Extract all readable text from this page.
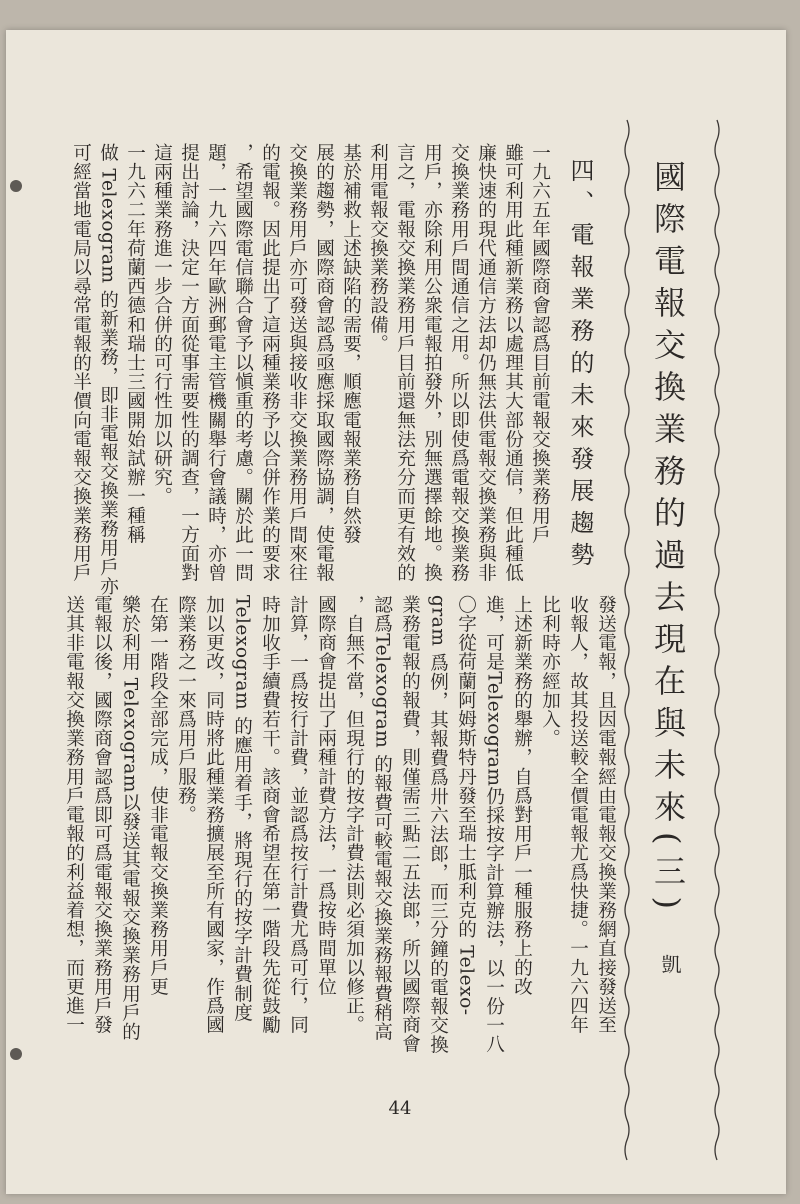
國際電報交換業務的過去現在與未來(三)
凱
四、電報業務的未來發展趨勢
發送電報，且因電報經由電報交換業務網直接發送至
收報人，故其投送較全價電報尤爲快捷。一九六四年
比利時亦經加入。
上述新業務的舉辦，自爲對用戶一種服務上的改
進，可是Telexogram仍採按字計算辦法，以一份一八
〇字從荷蘭阿姆斯特丹發至瑞士胝利克的 Telexo-
gram 爲例，其報費爲卅六法郎，而三分鐘的電報交換
業務電報的報費，則僅需三點二五法郎，所以國際商會
認爲Telexogram 的報費可較電報交換業務報費稍高
，自無不當，但現行的按字計費法則必須加以修正。
國際商會提出了兩種計費方法，一爲按時間單位
計算，一爲按行計費，並認爲按行計費尤爲可行，同
時加收手續費若干。該商會希望在第一階段先從鼓勵
Telexogram 的應用着手，將現行的按字計費制度
加以更改，同時將此種業務擴展至所有國家，作爲國
際業務之一來爲用戶服務。
在第一階段全部完成，使非電報交換業務用戶更
樂於利用 Telexogram以發送其電報交換業務用戶的
電報以後，國際商會認爲即可爲電報交換業務用戶發
送其非電報交換業務用戶電報的利益着想，而更進一
一九六五年國際商會認爲目前電報交換業務用戶
雖可利用此種新業務以處理其大部份通信，但此種低
廉快速的現代通信方法却仍無法供電報交換業務與非
交換業務用戶間通信之用。所以即使爲電報交換業務
用戶，亦除利用公衆電報拍發外，別無選擇餘地。換
言之，電報交換業務用戶目前還無法充分而更有效的
利用電報交換業務設備。
基於補救上述缺陷的需要，順應電報業務自然發
展的趨勢，國際商會認爲亟應採取國際協調，使電報
交換業務用戶亦可發送與接收非交換業務用戶間來往
的電報。因此提出了這兩種業務予以合併作業的要求
，希望國際電信聯合會予以愼重的考慮。關於此一問
題，一九六四年歐洲郵電主管機關舉行會議時，亦曾
提出討論，決定一方面從事需要性的調查，一方面對
這兩種業務進一步合併的可行性加以研究。
一九六二年荷蘭西德和瑞士三國開始試辦一種稱
做 Telexogram 的新業務，即非電報交換業務用戶亦
可經當地電局以尋常電報的半價向電報交換業務用戶
44
